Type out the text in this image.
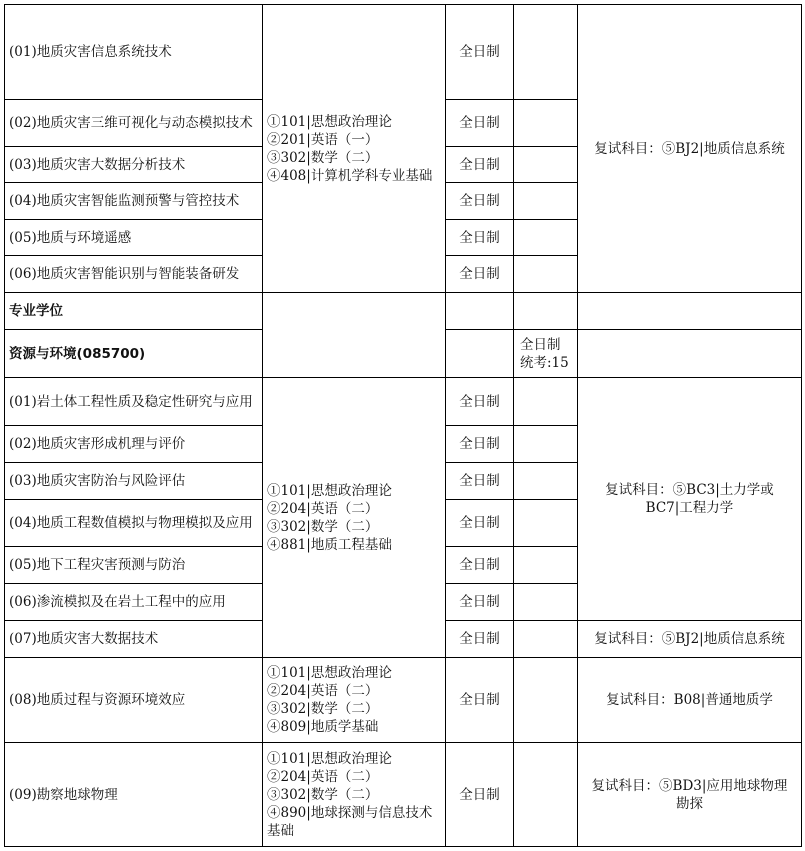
(01)地质灾害信息系统技术	①101|思想政治理论
②201|英语（一）
③302|数学（二）
④408|计算机学科专业基础	全日制		复试科目：⑤BJ2|地质信息系统
(02)地质灾害三维可视化与动态模拟技术		全日制		
(03)地质灾害大数据分析技术		全日制		
(04)地质灾害智能监测预警与管控技术		全日制		
(05)地质与环境遥感		全日制		
(06)地质灾害智能识别与智能装备研发		全日制		
专业学位				
资源与环境(085700)			全日制
统考:15	

(01)岩土体工程性质及稳定性研究与应用	①101|思想政治理论
②204|英语（二）
③302|数学（二）
④881|地质工程基础	全日制		复试科目：⑤BC3|土力学或
BC7|工程力学

(02)地质灾害形成机理与评价		全日制		
(03)地质灾害防治与风险评估		全日制		
(04)地质工程数值模拟与物理模拟及应用		全日制		
(05)地下工程灾害预测与防治		全日制		
(06)渗流模拟及在岩土工程中的应用		全日制		
(07)地质灾害大数据技术		全日制		复试科目：⑤BJ2|地质信息系统
(08)地质过程与资源环境效应	①101|思想政治理论
②204|英语（二）
③302|数学（二）
④809|地质学基础	全日制		复试科目：B08|普通地质学
(09)勘察地球物理	①101|思想政治理论
②204|英语（二）
③302|数学（二）
④890|地球探测与信息技术基础	全日制		复试科目：⑤BD3|应用地球物理
勘探
